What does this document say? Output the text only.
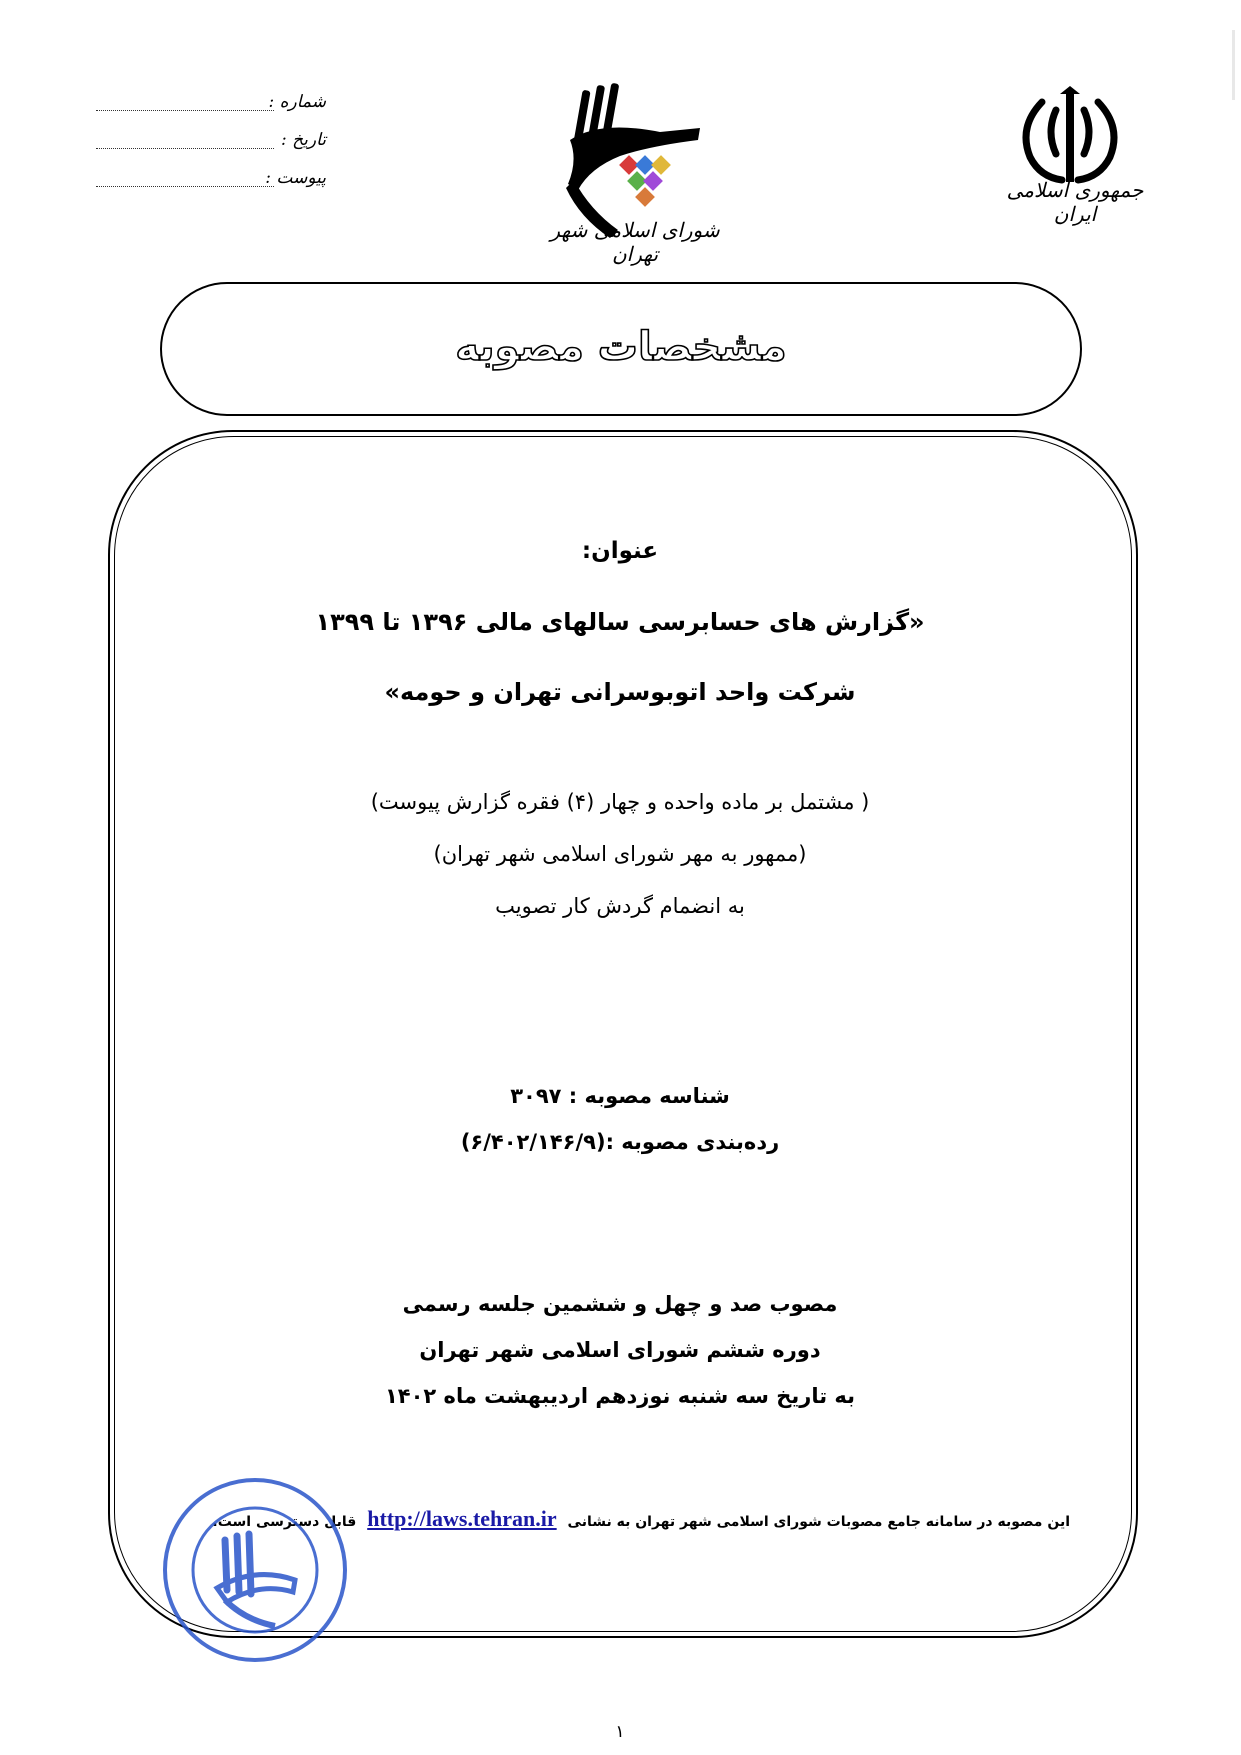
شماره :
تاریخ :
پیوست :
شورای اسلامی شهر تهران
جمهوری اسلامی ایران
مشخصات مصوبه
عنوان:
«گزارش های حسابرسی سالهای مالی ۱۳۹۶ تا ۱۳۹۹
شرکت واحد اتوبوسرانی تهران و حومه»
( مشتمل بر ماده واحده و چهار (۴) فقره گزارش پیوست)
(ممهور به مهر شورای اسلامی شهر تهران)
به انضمام گردش کار تصویب
شناسه مصوبه : ۳۰۹۷
رده‌بندی مصوبه :(۶/۴۰۲/۱۴۶/۹)
مصوب صد و چهل و ششمین جلسه رسمی
دوره ششم شورای اسلامی شهر تهران
به تاریخ سه شنبه نوزدهم اردیبهشت ماه ۱۴۰۲
این مصوبه در سامانه جامع مصوبات شورای اسلامی شهر تهران به نشانی http://laws.tehran.ir قابل دسترسی است.
۱
